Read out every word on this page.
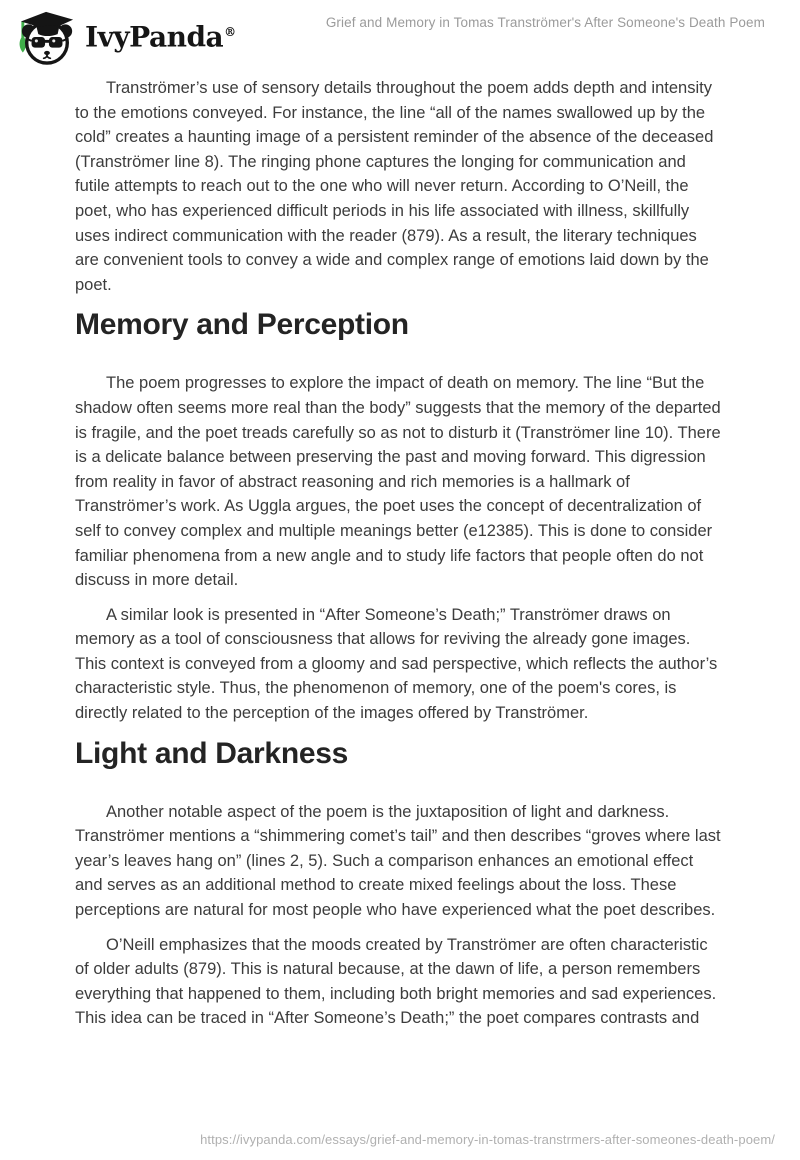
IvyPanda®
Grief and Memory in Tomas Tranströmer's After Someone's Death Poem

Tranströmer’s use of sensory details throughout the poem adds depth and intensity to the emotions conveyed. For instance, the line “all of the names swallowed up by the cold” creates a haunting image of a persistent reminder of the absence of the deceased (Tranströmer line 8). The ringing phone captures the longing for communication and futile attempts to reach out to the one who will never return. According to O’Neill, the poet, who has experienced difficult periods in his life associated with illness, skillfully uses indirect communication with the reader (879). As a result, the literary techniques are convenient tools to convey a wide and complex range of emotions laid down by the poet.

Memory and Perception

The poem progresses to explore the impact of death on memory. The line “But the shadow often seems more real than the body” suggests that the memory of the departed is fragile, and the poet treads carefully so as not to disturb it (Tranströmer line 10). There is a delicate balance between preserving the past and moving forward. This digression from reality in favor of abstract reasoning and rich memories is a hallmark of Tranströmer’s work. As Uggla argues, the poet uses the concept of decentralization of self to convey complex and multiple meanings better (e12385). This is done to consider familiar phenomena from a new angle and to study life factors that people often do not discuss in more detail.

A similar look is presented in “After Someone’s Death;” Tranströmer draws on memory as a tool of consciousness that allows for reviving the already gone images. This context is conveyed from a gloomy and sad perspective, which reflects the author’s characteristic style. Thus, the phenomenon of memory, one of the poem's cores, is directly related to the perception of the images offered by Tranströmer.

Light and Darkness

Another notable aspect of the poem is the juxtaposition of light and darkness. Tranströmer mentions a “shimmering comet’s tail” and then describes “groves where last year’s leaves hang on” (lines 2, 5). Such a comparison enhances an emotional effect and serves as an additional method to create mixed feelings about the loss. These perceptions are natural for most people who have experienced what the poet describes.

O’Neill emphasizes that the moods created by Tranströmer are often characteristic of older adults (879). This is natural because, at the dawn of life, a person remembers everything that happened to them, including both bright memories and sad experiences. This idea can be traced in “After Someone’s Death;” the poet compares contrasts and

https://ivypanda.com/essays/grief-and-memory-in-tomas-transtrmers-after-someones-death-poem/
